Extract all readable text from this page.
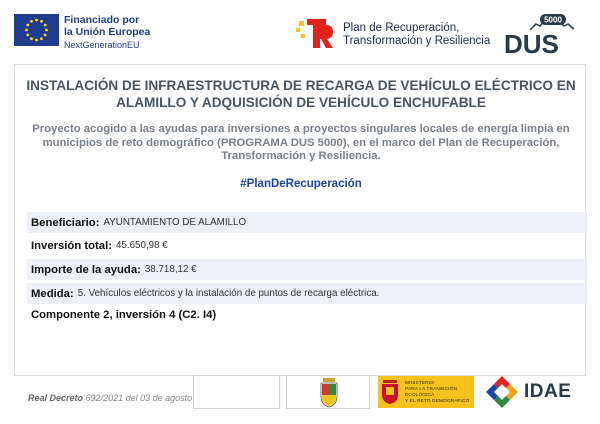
Financiado por
la Unión Europea
NextGenerationEU
Plan de Recuperación,
Transformación y Resiliencia
5000
DUS
INSTALACIÓN DE INFRAESTRUCTURA DE RECARGA DE VEHÍCULO ELÉCTRICO EN ALAMILLO Y ADQUISICIÓN DE VEHÍCULO ENCHUFABLE
Proyecto acogido a las ayudas para inversiones a proyectos singulares locales de energía limpia en municipios de reto demográfico (PROGRAMA DUS 5000), en el marco del Plan de Recuperación, Transformación y Resiliencia.
#PlanDeRecuperación
Beneficiario: AYUNTAMIENTO DE ALAMILLO
Inversión total: 45.650,98 €
Importe de la ayuda: 38.718,12 €
Medida: 5. Vehículos eléctricos y la instalación de puntos de recarga eléctrica.
Componente 2, inversión 4 (C2. I4)
Real Decreto 692/2021 del 03 de agosto
MINISTERIO
PARA LA TRANSICIÓN ECOLÓGICA
Y EL RETO DEMOGRÁFICO	IDAE
